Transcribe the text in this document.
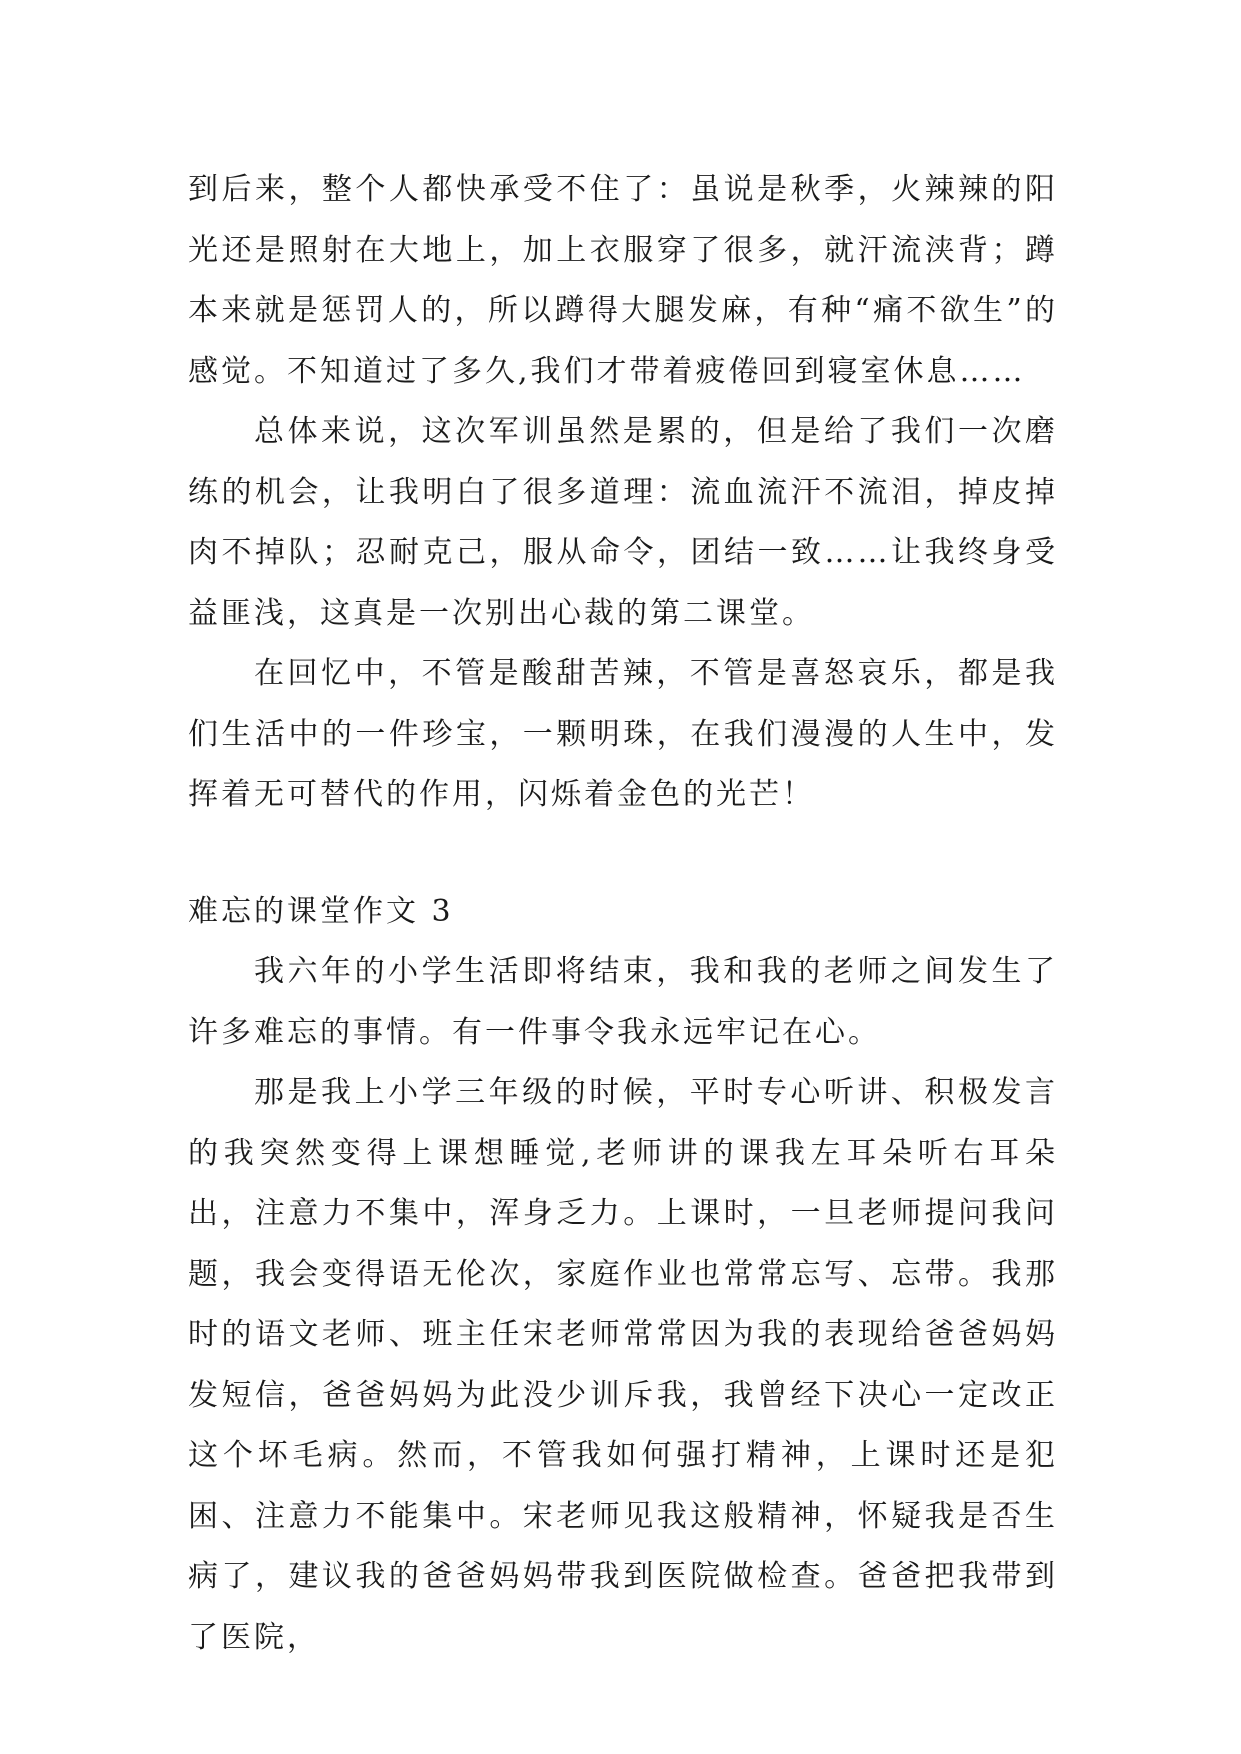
到后来，整个人都快承受不住了：虽说是秋季，火辣辣的阳光还是照射在大地上，加上衣服穿了很多，就汗流浃背；蹲本来就是惩罚人的，所以蹲得大腿发麻，有种“痛不欲生”的感觉。不知道过了多久,我们才带着疲倦回到寝室休息……

总体来说，这次军训虽然是累的，但是给了我们一次磨练的机会，让我明白了很多道理：流血流汗不流泪，掉皮掉肉不掉队；忍耐克己，服从命令，团结一致……让我终身受益匪浅，这真是一次别出心裁的第二课堂。

在回忆中，不管是酸甜苦辣，不管是喜怒哀乐，都是我们生活中的一件珍宝，一颗明珠，在我们漫漫的人生中，发挥着无可替代的作用，闪烁着金色的光芒！

难忘的课堂作文 3

我六年的小学生活即将结束，我和我的老师之间发生了许多难忘的事情。有一件事令我永远牢记在心。

那是我上小学三年级的时候，平时专心听讲、积极发言的我突然变得上课想睡觉,老师讲的课我左耳朵听右耳朵出，注意力不集中，浑身乏力。上课时，一旦老师提问我问题，我会变得语无伦次，家庭作业也常常忘写、忘带。我那时的语文老师、班主任宋老师常常因为我的表现给爸爸妈妈发短信，爸爸妈妈为此没少训斥我，我曾经下决心一定改正这个坏毛病。然而，不管我如何强打精神，上课时还是犯困、注意力不能集中。宋老师见我这般精神，怀疑我是否生病了，建议我的爸爸妈妈带我到医院做检查。爸爸把我带到了医院，
